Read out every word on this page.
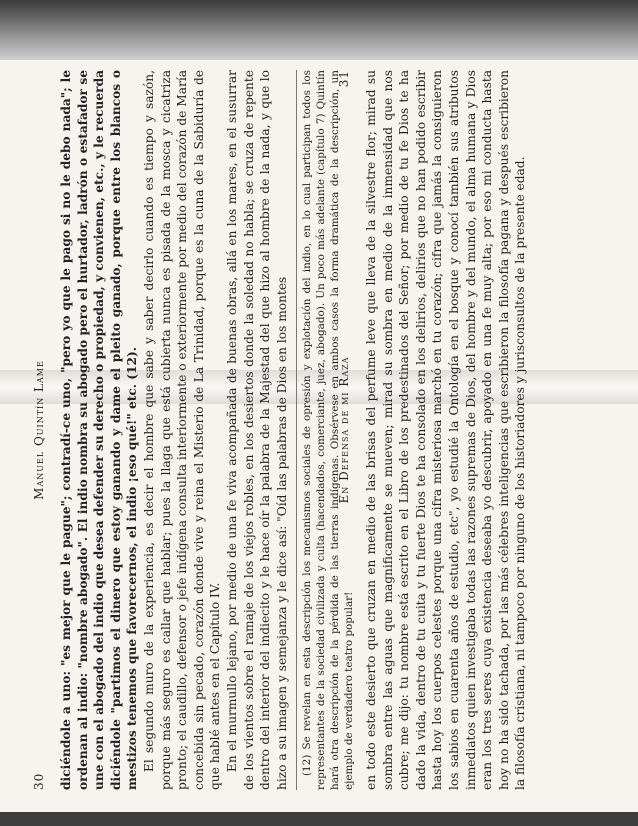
30
Manuel Quintín Lame diciéndole a uno: "es mejor que le pague"; contradí-ce uno, "pero yo que le pago si no le debo nada"; le ordenan al indio: "nombre abogado". El indio nombra su abogado pero el hurtador, ladrón o estafador se une con el abogado del indio que desea defender su derecho o propiedad, y convienen, etc., y le recuerda diciéndole "partimos el dinero que estoy ganando y dame el pleito ganado, porque entre los blancos o mestizos tenemos que favorecernos, el indio ¡eso qué!" etc. (12). El segundo muro de la experiencia, es decir el hombre que sabe y saber decirlo cuando es tiempo y sazón, porque más seguro es callar que hablar; pues la llaga que está cubierta nunca es pisada de la mosca y cicatriza pronto; el caudillo, defensor o jefe indígena consulta interiormente o exteriormente por medio del corazón de María concebida sin pecado, corazón donde vive y reina el Misterio de La Trinidad, porque es la cuna de la Sabiduría de que hablé antes en el Capítulo IV. En el murmullo lejano, por medio de una fe viva acompañada de buenas obras, allá en los mares, en el susurrar de los vientos sobre el ramaje de los viejos robles, en los desiertos donde la soledad no habla; se cruza de repente dentro del interior del indiecito y le hace oír la palabra de la Majestad del que hizo al hombre de la nada, y que lo hizo a su imagen y semejanza y le dice así: "Oíd las palabras de Dios en los montes (12) Se revelan en esta descripción los mecanismos sociales de opresión y explotación del indio, en lo cual participan todos los representantes de la sociedad civilizada y culta (hacendados, comerciante, juez, abogado). Un poco más adelante (capítulo 7) Quintín hará otra descripción de la pérdida de las tierras indígenas. Obsérvese en ambos casos la forma dramática de la descripción, un ejemplo de verdadero teatro popular!

En Defensa de mi Raza
31 en todo este desierto que cruzan en medio de las brisas del perfume leve que lleva de la silvestre flor; mirad su sombra entre las aguas que magnificamente se mueven; mirad su sombra en medio de la inmensidad que nos cubre; me dijo: tu nombre está escrito en el Libro de los predestinados del Señor; por medio de tu fe Dios te ha dado la vida, dentro de tu cuita y tu fuerte Dios te ha consolado en los delirios, delirios que no han podido escribir hasta hoy los cuerpos celestes porque una cifra misteriosa marchó en tu corazón; cifra que jamás la consiguieron los sabios en cuarenta años de estudio, etc", yo estudié la Ontología en el bosque y conocí también sus atributos inmediatos quien investigaba todas las razones supremas de Dios, del hombre y del mundo, el alma humana y Dios eran los tres seres cuya existencia deseaba yo descubrir, apoyado en una fe muy alta; por eso mi conducta hasta hoy no ha sido tachada, por las más célebres inteligencias que escribieron la filosofía pagana y después escribieron la filosofía cristiana, ni tampoco por ninguno de los historiadores y jurisconsultos de la presente edad.
